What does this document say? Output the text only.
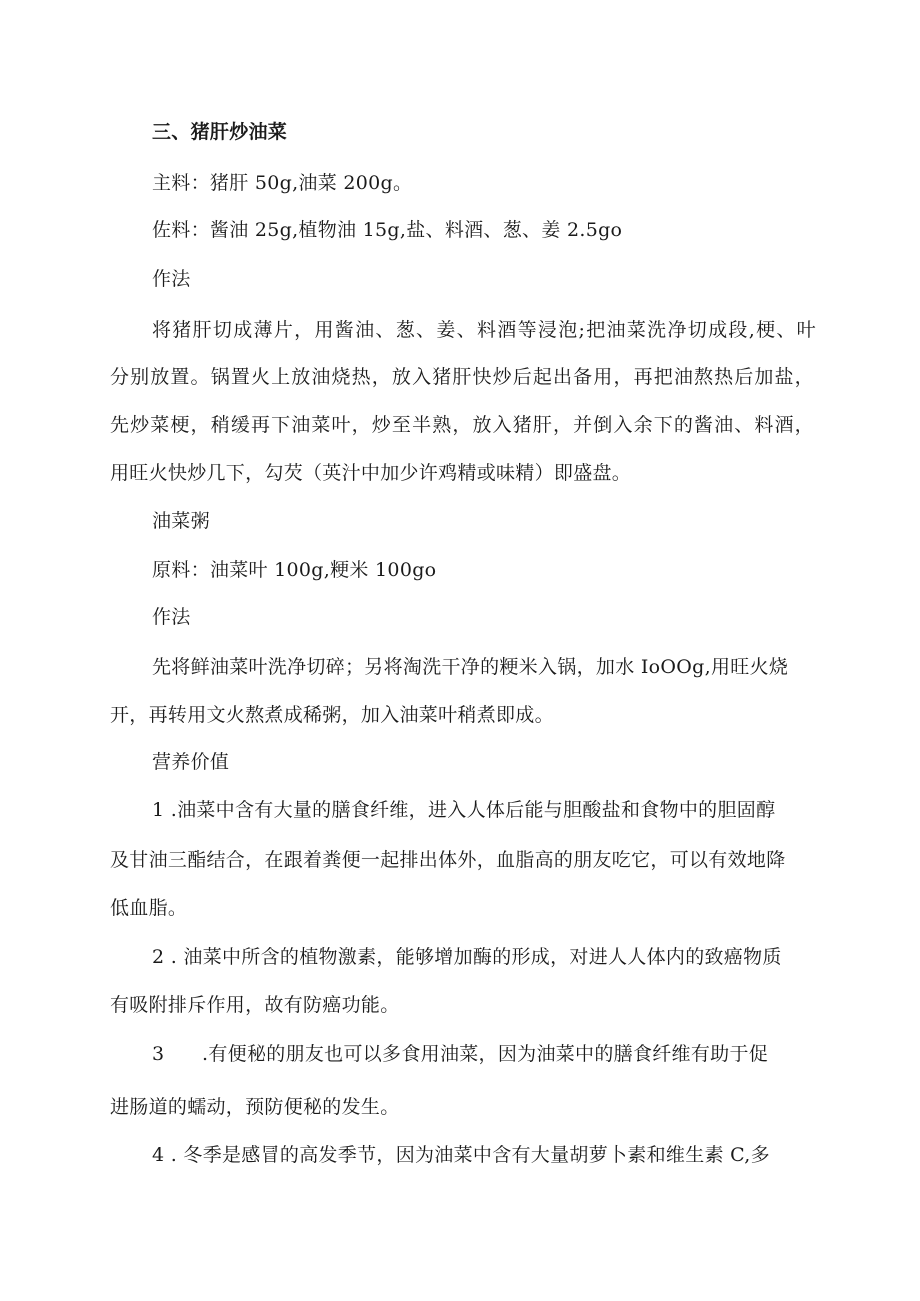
三、猪肝炒油菜
主料：猪肝 50g,油菜 200g。
佐料：酱油 25g,植物油 15g,盐、料酒、葱、姜 2.5go
作法
将猪肝切成薄片，用酱油、葱、姜、料酒等浸泡;把油菜洗净切成段,梗、叶
分别放置。锅置火上放油烧热，放入猪肝快炒后起出备用，再把油熬热后加盐，
先炒菜梗，稍缓再下油菜叶，炒至半熟，放入猪肝，并倒入余下的酱油、料酒，
用旺火快炒几下，勾芡（英汁中加少许鸡精或味精）即盛盘。
油菜粥
原料：油菜叶 100g,粳米 100go
作法
先将鲜油菜叶洗净切碎；另将淘洗干净的粳米入锅，加水 IoOOg,用旺火烧
开，再转用文火熬煮成稀粥，加入油菜叶稍煮即成。
营养价值
1 .油菜中含有大量的膳食纤维，进入人体后能与胆酸盐和食物中的胆固醇
及甘油三酯结合，在跟着粪便一起排出体外，血脂高的朋友吃它，可以有效地降
低血脂。
2 . 油菜中所含的植物激素，能够增加酶的形成，对进人人体内的致癌物质
有吸附排斥作用，故有防癌功能。
3 .有便秘的朋友也可以多食用油菜，因为油菜中的膳食纤维有助于促
进肠道的蠕动，预防便秘的发生。
4 . 冬季是感冒的高发季节，因为油菜中含有大量胡萝卜素和维生素 C,多
